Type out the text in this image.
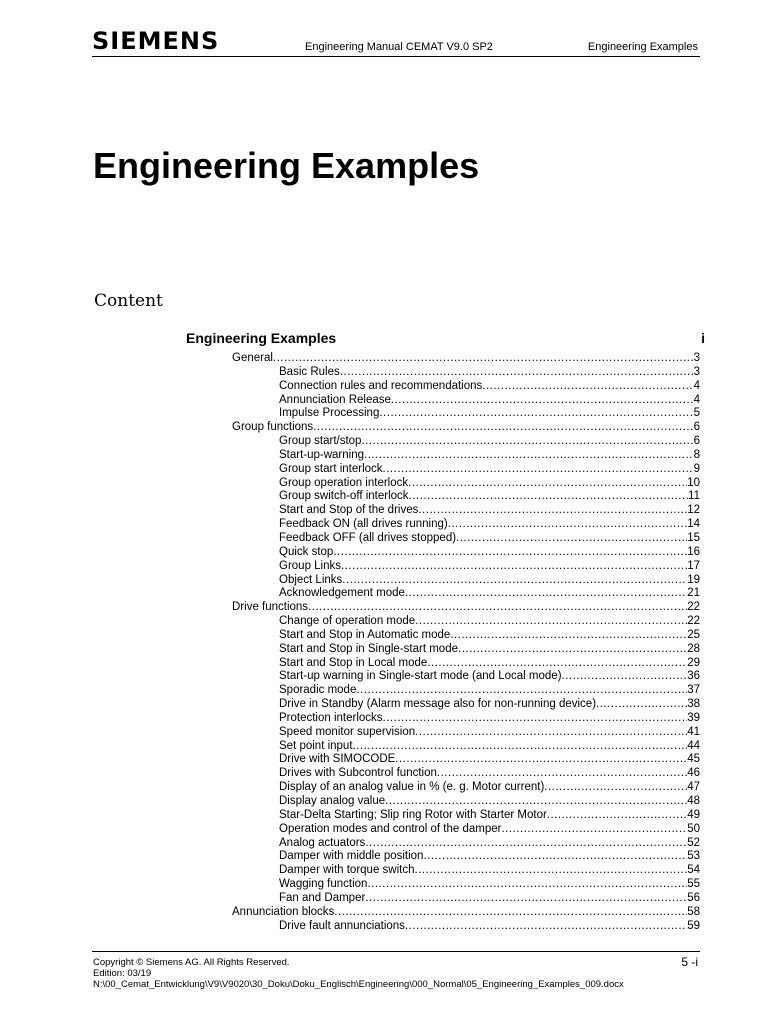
SIEMENS	Engineering Manual CEMAT V9.0 SP2	Engineering Examples
Engineering Examples
Content
Engineering Examples	i
General .....	3
Basic Rules .....	3
Connection rules and recommendations .....	4
Annunciation Release .....	4
Impulse Processing .....	5
Group functions .....	6
Group start/stop .....	6
Start-up-warning .....	8
Group start interlock .....	9
Group operation interlock .....	10
Group switch-off interlock .....	11
Start and Stop of the drives .....	12
Feedback ON (all drives running) .....	14
Feedback OFF (all drives stopped) .....	15
Quick stop .....	16
Group Links .....	17
Object Links .....	19
Acknowledgement mode .....	21
Drive functions .....	22
Change of operation mode .....	22
Start and Stop in Automatic mode .....	25
Start and Stop in Single-start mode .....	28
Start and Stop in Local mode .....	29
Start-up warning in Single-start mode (and Local mode) .....	36
Sporadic mode .....	37
Drive in Standby (Alarm message also for non-running device) .....	38
Protection interlocks .....	39
Speed monitor supervision .....	41
Set point input .....	44
Drive with SIMOCODE .....	45
Drives with Subcontrol function .....	46
Display of an analog value in % (e. g. Motor current) .....	47
Display analog value .....	48
Star-Delta Starting; Slip ring Rotor with Starter Motor .....	49
Operation modes and control of the damper .....	50
Analog actuators .....	52
Damper with middle position .....	53
Damper with torque switch .....	54
Wagging function .....	55
Fan and Damper .....	56
Annunciation blocks .....	58
Drive fault annunciations .....	59
Copyright © Siemens AG. All Rights Reserved.
Edition: 03/19
N:\00_Cemat_Entwicklung\V9\V9020\30_Doku\Doku_Englisch\Engineering\000_Normal\05_Engineering_Examples_009.docx
5 -i
